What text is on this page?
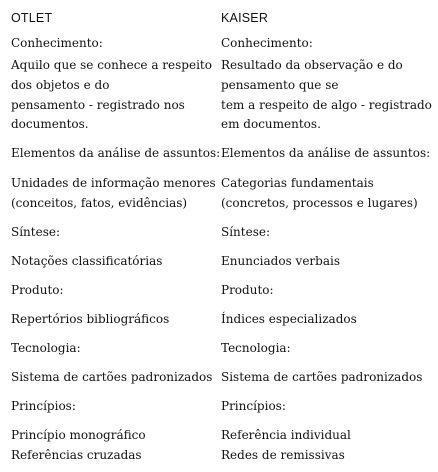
OTLET
Conhecimento:
Aquilo que se conhece a respeito
dos objetos e do
pensamento - registrado nos
documentos.
Elementos da análise de assuntos:
Unidades de informação menores
(conceitos, fatos, evidências)
Síntese:
Notações classificatórias
Produto:
Repertórios bibliográficos
Tecnologia:
Sistema de cartões padronizados
Princípios:
Princípio monográfico
Referências cruzadas
KAISER
Conhecimento:
Resultado da observação e do
pensamento que se
tem a respeito de algo - registrado
em documentos.
Elementos da análise de assuntos:
Categorias fundamentais
(concretos, processos e lugares)
Síntese:
Enunciados verbais
Produto:
Índices especializados
Tecnologia:
Sistema de cartões padronizados
Princípios:
Referência individual
Redes de remissivas
